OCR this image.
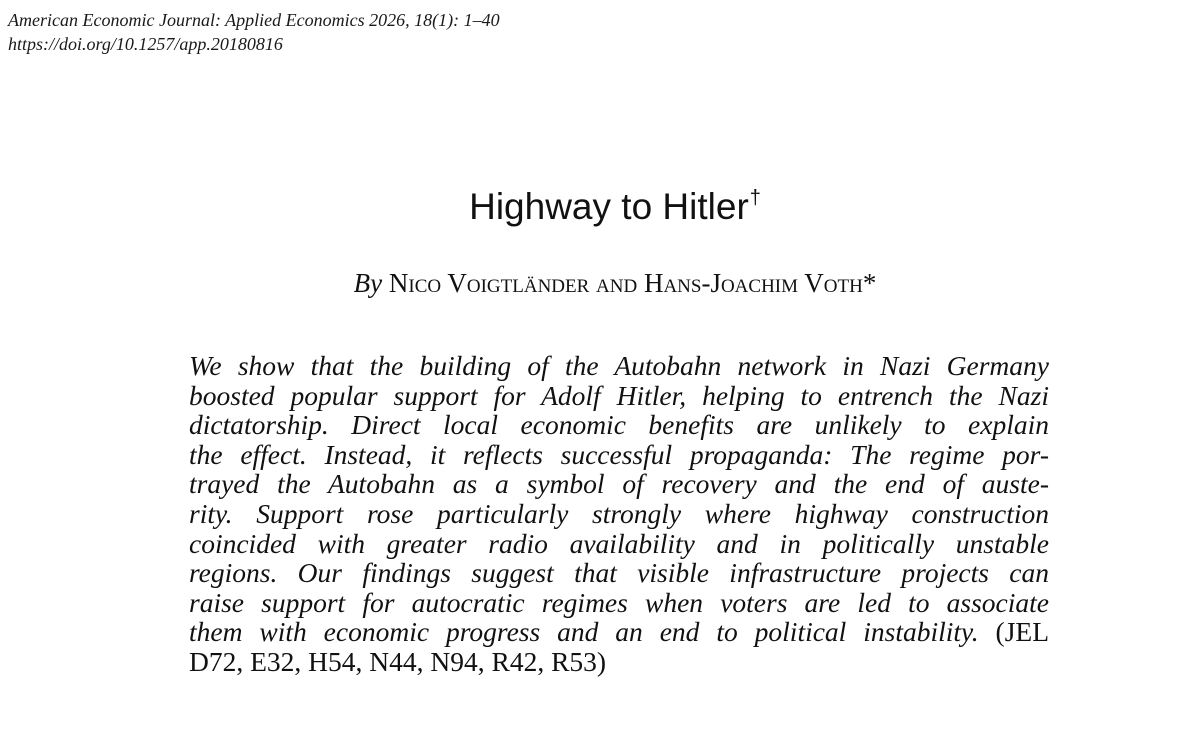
American Economic Journal: Applied Economics 2026, 18(1): 1–40
https://doi.org/10.1257/app.20180816
Highway to Hitler†
By Nico Voigtländer and Hans-Joachim Voth*
We show that the building of the Autobahn network in Nazi Germany
boosted popular support for Adolf Hitler, helping to entrench the Nazi
dictatorship. Direct local economic benefits are unlikely to explain
the effect. Instead, it reflects successful propaganda: The regime por-
trayed the Autobahn as a symbol of recovery and the end of auste-
rity. Support rose particularly strongly where highway construction
coincided with greater radio availability and in politically unstable
regions. Our findings suggest that visible infrastructure projects can
raise support for autocratic regimes when voters are led to associate
them with economic progress and an end to political instability. (JEL
D72, E32, H54, N44, N94, R42, R53)
